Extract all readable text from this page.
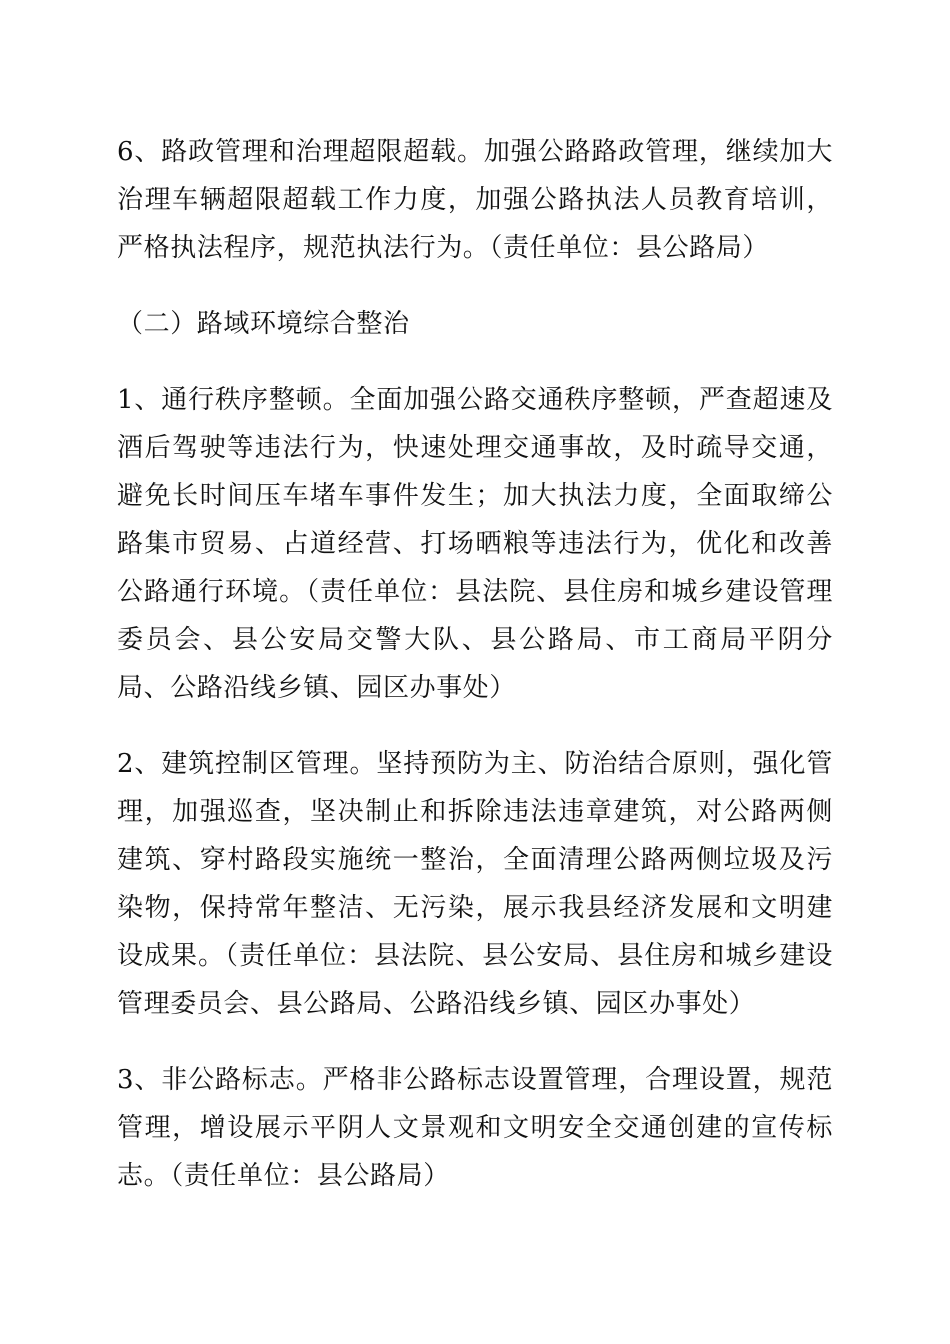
6、路政管理和治理超限超载。加强公路路政管理，继续加大治理车辆超限超载工作力度，加强公路执法人员教育培训，严格执法程序，规范执法行为。（责任单位：县公路局）

（二）路域环境综合整治

1、通行秩序整顿。全面加强公路交通秩序整顿，严查超速及酒后驾驶等违法行为，快速处理交通事故，及时疏导交通，避免长时间压车堵车事件发生；加大执法力度，全面取缔公路集市贸易、占道经营、打场晒粮等违法行为，优化和改善公路通行环境。（责任单位：县法院、县住房和城乡建设管理委员会、县公安局交警大队、县公路局、市工商局平阴分局、公路沿线乡镇、园区办事处）

2、建筑控制区管理。坚持预防为主、防治结合原则，强化管理，加强巡查，坚决制止和拆除违法违章建筑，对公路两侧建筑、穿村路段实施统一整治，全面清理公路两侧垃圾及污染物，保持常年整洁、无污染，展示我县经济发展和文明建设成果。（责任单位：县法院、县公安局、县住房和城乡建设管理委员会、县公路局、公路沿线乡镇、园区办事处）

3、非公路标志。严格非公路标志设置管理，合理设置，规范管理，增设展示平阴人文景观和文明安全交通创建的宣传标志。（责任单位：县公路局）
